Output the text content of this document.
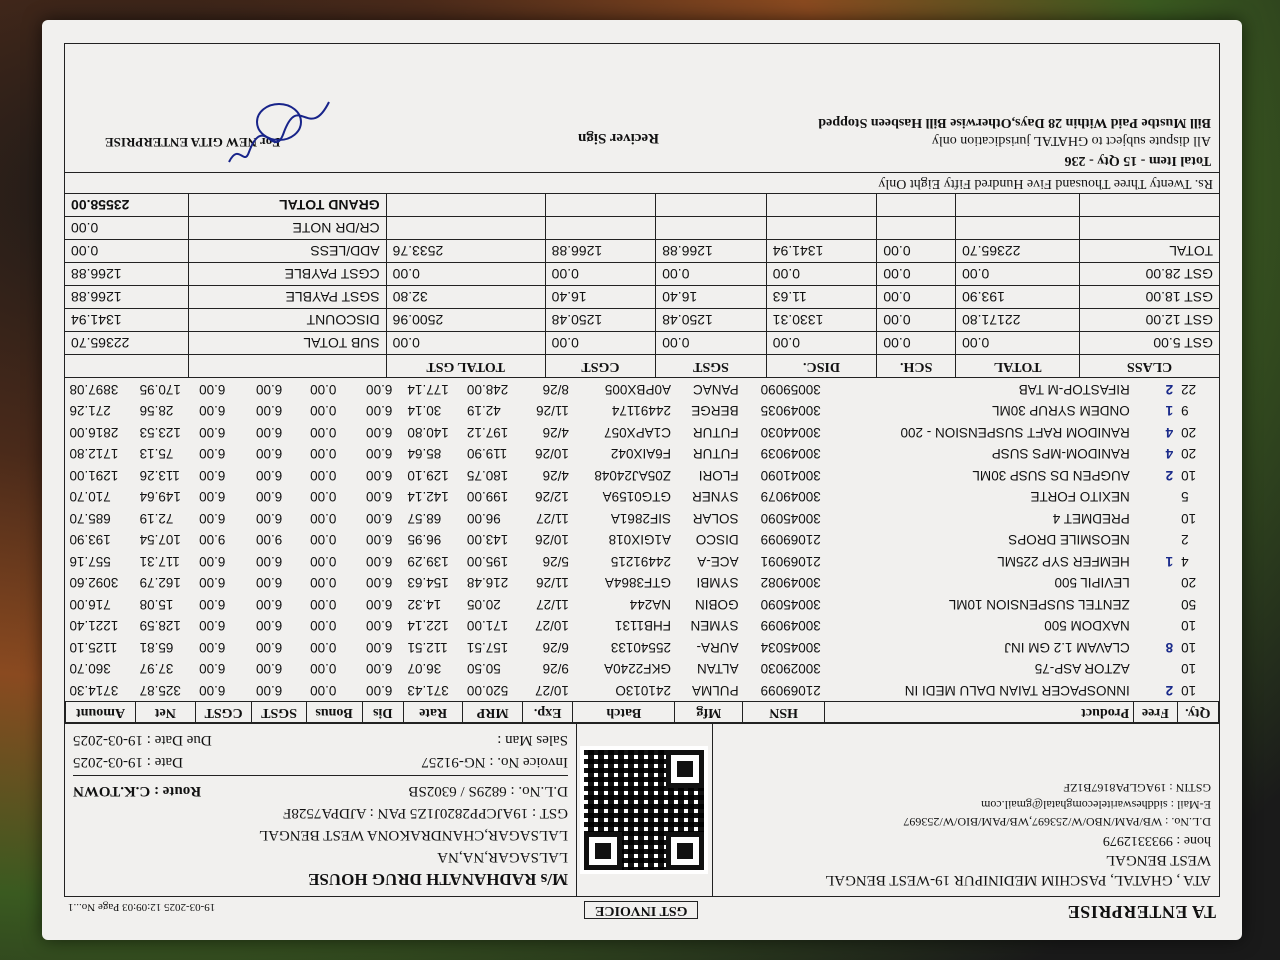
TA ENTERPRISE
GST INVOICE
19-03-2025 12:09:03 Page No...1
ATA , GHATAL, PASCHIM MEDINIPUR 19-WEST BENGAL
WEST BENGAL
hone : 9933312979
D.L.No. : WB/PAM/NBO/W/253697,WB/PAM/BIO/W/253697
E-Mail : siddheswaritelecomghatal@gmail.com
GSTIN : 19AGLPA8167B1ZF
M/s RADHANATH DRUG HOUSE
LALSAGAR,NA,NA
LALSAGAR,CHANDRAKONA WEST BENGAL
GST : 19AJCPP2820J1Z5 PAN : AJDPA7528F
D.L.No. : 6829S / 6302SB
Route : C.K.TOWN
Invoice No. : NG-91257
Date : 19-03-2025
Sales Man :
Due Date : 19-03-2025
Qty.	Free	Product	HSN	Mfg	Batch	Exp.	MRP	Rate	Dis	Bonus	SGST	CGST	Net	Amount
10	2	INNOSPACER TAIAN DALU MEDI IN	21069099	PULMA	241013O	10/27	520.00	371.43	6.00	0.00	6.00	6.00	325.87	3714.30
10		AZTOR ASP-75	30029030	ALTAN	GKF2240A	9/26	50.50	36.07	6.00	0.00	6.00	6.00	37.97	360.70
10	8	CLAVAM 1.2 GM INJ	30045034	AURA-	25540133	6/26	157.51	112.51	6.00	0.00	6.00	6.00	65.81	1125.10
10		NAXDOM 500	30049099	SYMEN	FHB1131	10/27	171.00	122.14	6.00	0.00	6.00	6.00	128.59	1221.40
50		ZENTEL SUSPENSION 10ML	30045090	GOBIN	NA244	11/27	20.05	14.32	6.00	0.00	6.00	6.00	15.08	716.00
20		LEVIPIL 500	30049082	SYMBI	GTF3864A	11/26	216.48	154.63	6.00	0.00	6.00	6.00	162.79	3092.60
4	1	HEMFER SYP 225ML	21069091	ACE-A	24491215	5/26	195.00	139.29	6.00	0.00	6.00	6.00	117.31	557.16
2		NEOSMILE DROPS	21069099	DISCO	A1GIX018	10/26	143.00	96.95	6.00	0.00	9.00	9.00	107.54	193.90
10		PREDMET 4	30045090	SOLAR	SIF2861A	11/27	96.00	68.57	6.00	0.00	6.00	6.00	72.19	685.70
5		NEXITO FORTE	30049079	SYNER	GTG0159A	12/26	199.00	142.14	6.00	0.00	6.00	6.00	149.64	710.70
10	2	AUGPEN DS SUSP 30ML	30041090	FLORI	Z05AJ24048	4/26	180.75	129.10	6.00	0.00	6.00	6.00	113.26	1291.00
20	4	RANIDOM-MPS SUSP	30049039	FUTUR	F6AIX042	10/26	119.90	85.64	6.00	0.00	6.00	6.00	75.13	1712.80
20	4	RANIDOM RAFT SUSPENSION - 200	30044030	FUTUR	C1APX057	4/26	197.12	140.80	6.00	0.00	6.00	6.00	123.53	2816.00
9	1	ONDEM SYRUP 30ML	30049035	BERGE	24491174	11/26	42.19	30.14	6.00	0.00	6.00	6.00	28.56	271.26
22	2	RIFASTOP-M TAB	30059090	PANAC	A0PBX005	8/26	248.00	177.14	6.00	0.00	6.00	6.00	170.95	3897.08
CLASS	TOTAL	SCH.	DISC.	SGST	CGST	TOTAL GST		
GST 5.00	0.00	0.00	0.00	0.00	0.00	0.00	SUB TOTAL	22365.70
GST 12.00	22171.80	0.00	1330.31	1250.48	1250.48	2500.96	DISCOUNT	1341.94
GST 18.00	193.90	0.00	11.63	16.40	16.40	32.80	SGST PAYBLE	1266.88
GST 28.00	0.00	0.00	0.00	0.00	0.00	0.00	CGST PAYBLE	1266.88
TOTAL	22365.70	0.00	1341.94	1266.88	1266.88	2533.76	ADD/LESS	0.00
							CR/DR NOTE	0.00
							GRAND TOTAL	23558.00
Rs. Twenty Three Thousand Five Hundred Fifty Eight Only
Total Item - 15 Qty - 236
All dispute subject to GHATAL jurisdication only
Bill Mustbe Paid Within 28 Days,Otherwise Bill Hasbeen Stopped
Reciver Sign
For NEW GITA ENTERPRISE
